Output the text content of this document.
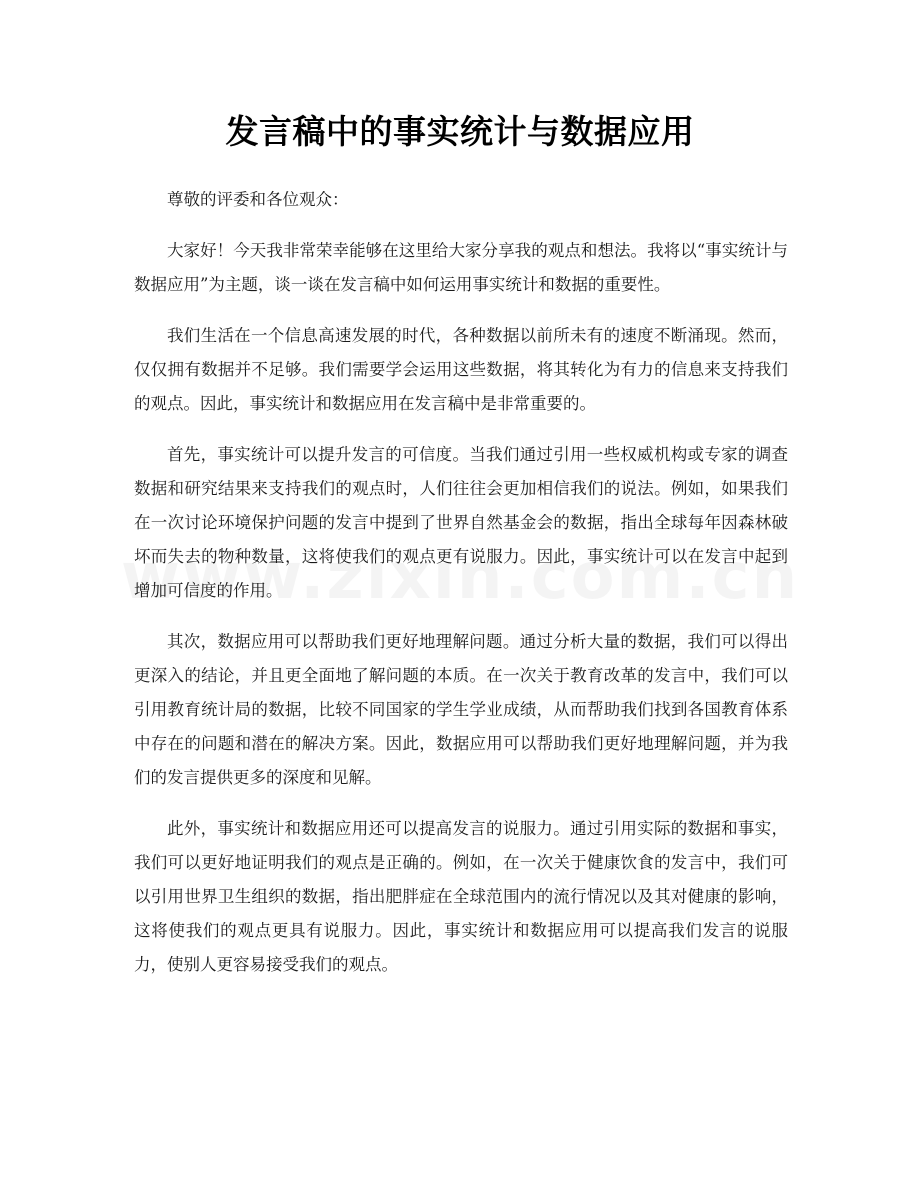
发言稿中的事实统计与数据应用

尊敬的评委和各位观众：

大家好！今天我非常荣幸能够在这里给大家分享我的观点和想法。我将以“事实统计与数据应用”为主题，谈一谈在发言稿中如何运用事实统计和数据的重要性。

我们生活在一个信息高速发展的时代，各种数据以前所未有的速度不断涌现。然而，仅仅拥有数据并不足够。我们需要学会运用这些数据，将其转化为有力的信息来支持我们的观点。因此，事实统计和数据应用在发言稿中是非常重要的。

首先，事实统计可以提升发言的可信度。当我们通过引用一些权威机构或专家的调查数据和研究结果来支持我们的观点时，人们往往会更加相信我们的说法。例如，如果我们在一次讨论环境保护问题的发言中提到了世界自然基金会的数据，指出全球每年因森林破坏而失去的物种数量，这将使我们的观点更有说服力。因此，事实统计可以在发言中起到增加可信度的作用。

其次，数据应用可以帮助我们更好地理解问题。通过分析大量的数据，我们可以得出更深入的结论，并且更全面地了解问题的本质。在一次关于教育改革的发言中，我们可以引用教育统计局的数据，比较不同国家的学生学业成绩，从而帮助我们找到各国教育体系中存在的问题和潜在的解决方案。因此，数据应用可以帮助我们更好地理解问题，并为我们的发言提供更多的深度和见解。

此外，事实统计和数据应用还可以提高发言的说服力。通过引用实际的数据和事实，我们可以更好地证明我们的观点是正确的。例如，在一次关于健康饮食的发言中，我们可以引用世界卫生组织的数据，指出肥胖症在全球范围内的流行情况以及其对健康的影响，这将使我们的观点更具有说服力。因此，事实统计和数据应用可以提高我们发言的说服力，使别人更容易接受我们的观点。
